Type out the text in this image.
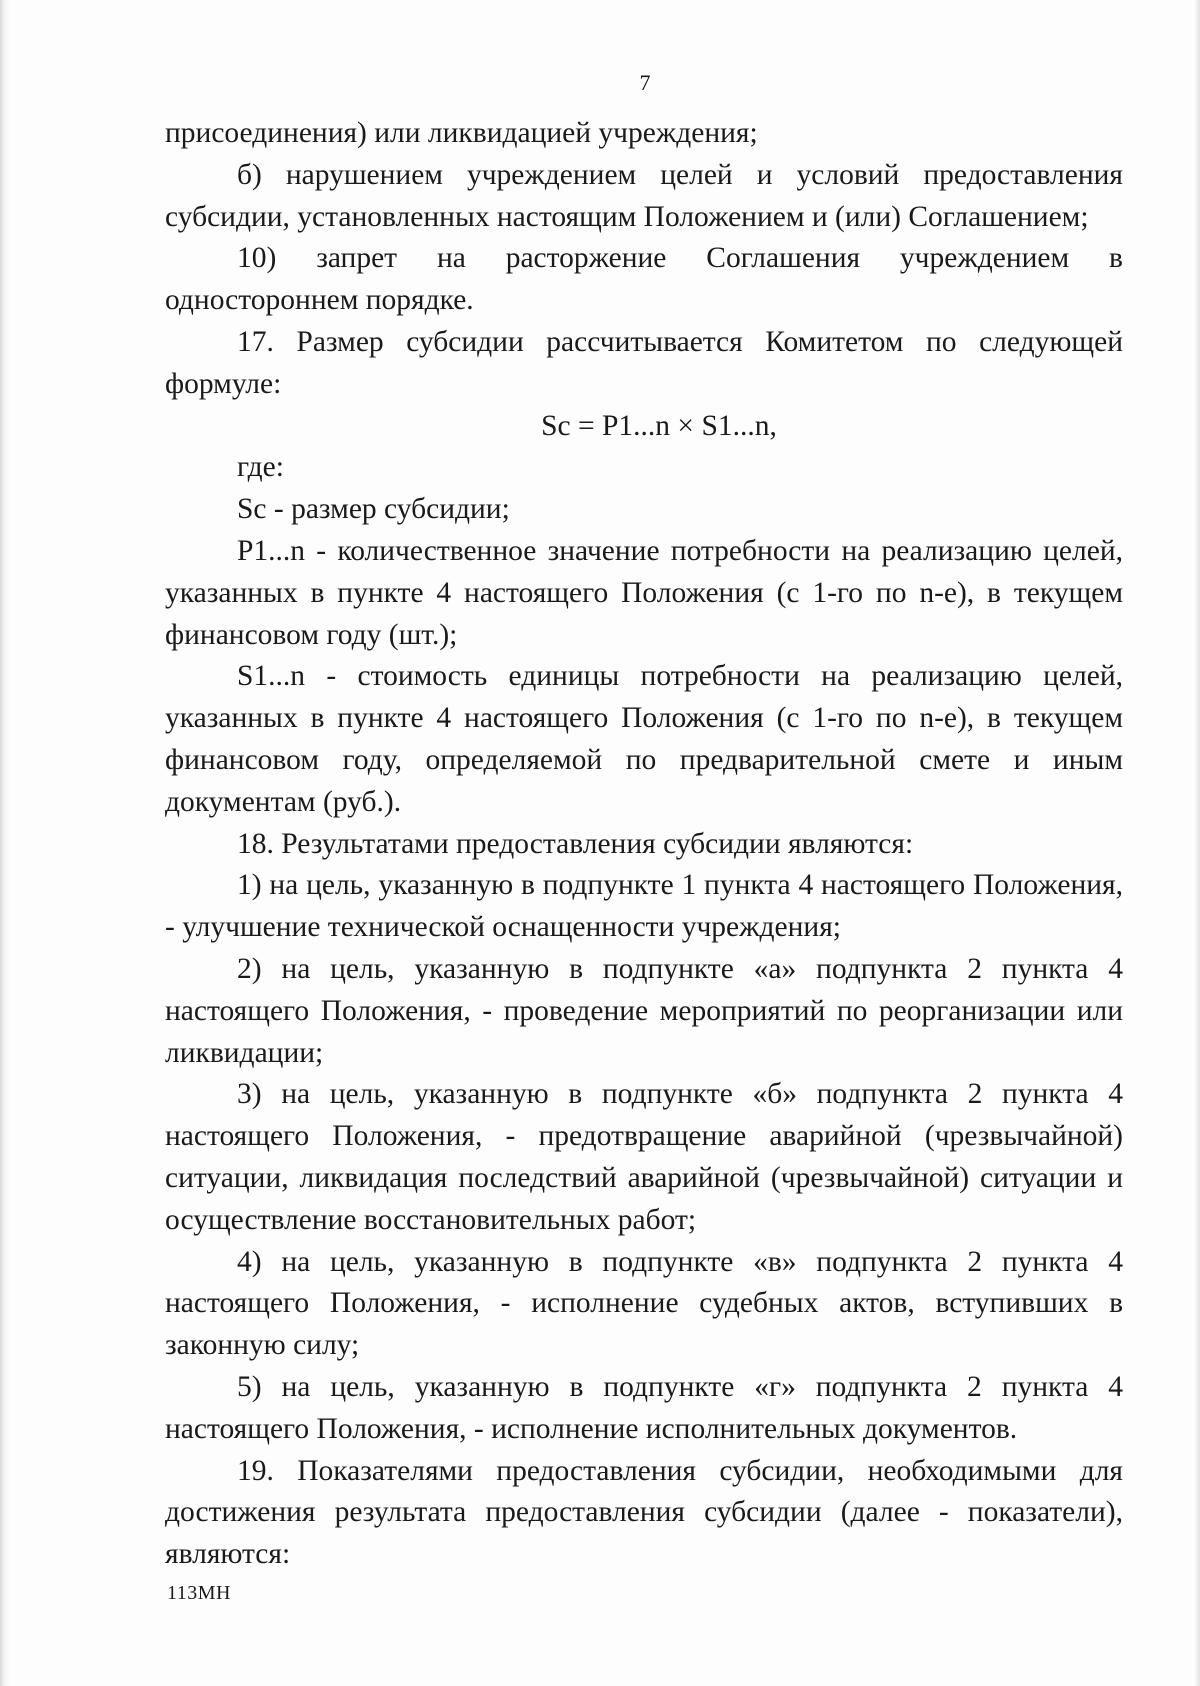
7

присоединения) или ликвидацией учреждения;

б) нарушением учреждением целей и условий предоставления субсидии, установленных настоящим Положением и (или) Соглашением;

10) запрет на расторжение Соглашения учреждением в одностороннем порядке.

17. Размер субсидии рассчитывается Комитетом по следующей формуле:

Sc = P1...n × S1...n,

где:

Sc - размер субсидии;

P1...n - количественное значение потребности на реализацию целей, указанных в пункте 4 настоящего Положения (с 1-го по n-е), в текущем финансовом году (шт.);

S1...n - стоимость единицы потребности на реализацию целей, указанных в пункте 4 настоящего Положения (с 1-го по n-е), в текущем финансовом году, определяемой по предварительной смете и иным документам (руб.).

18. Результатами предоставления субсидии являются:

1) на цель, указанную в подпункте 1 пункта 4 настоящего Положения, - улучшение технической оснащенности учреждения;

2) на цель, указанную в подпункте «а» подпункта 2 пункта 4 настоящего Положения, - проведение мероприятий по реорганизации или ликвидации;

3) на цель, указанную в подпункте «б» подпункта 2 пункта 4 настоящего Положения, - предотвращение аварийной (чрезвычайной) ситуации, ликвидация последствий аварийной (чрезвычайной) ситуации и осуществление восстановительных работ;

4) на цель, указанную в подпункте «в» подпункта 2 пункта 4 настоящего Положения, - исполнение судебных актов, вступивших в законную силу;

5) на цель, указанную в подпункте «г» подпункта 2 пункта 4 настоящего Положения, - исполнение исполнительных документов.

19. Показателями предоставления субсидии, необходимыми для достижения результата предоставления субсидии (далее - показатели), являются:

113МН
